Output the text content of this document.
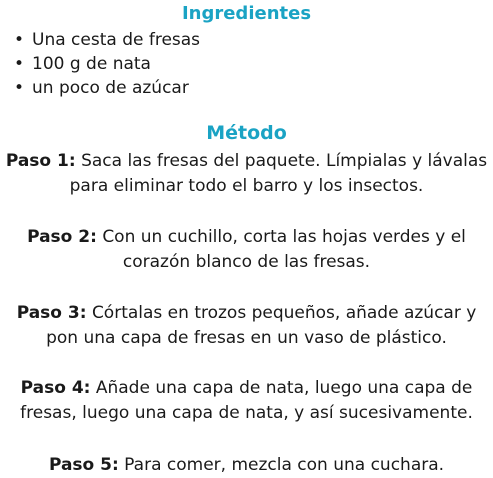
Ingredientes
• Una cesta de fresas
• 100 g de nata
• un poco de azúcar
Método

Paso 1: Saca las fresas del paquete. Límpialas y lávalas
para eliminar todo el barro y los insectos.

Paso 2: Con un cuchillo, corta las hojas verdes y el
corazón blanco de las fresas.

Paso 3: Córtalas en trozos pequeños, añade azúcar y
pon una capa de fresas en un vaso de plástico.

Paso 4: Añade una capa de nata, luego una capa de
fresas, luego una capa de nata, y así sucesivamente.

Paso 5: Para comer, mezcla con una cuchara.
